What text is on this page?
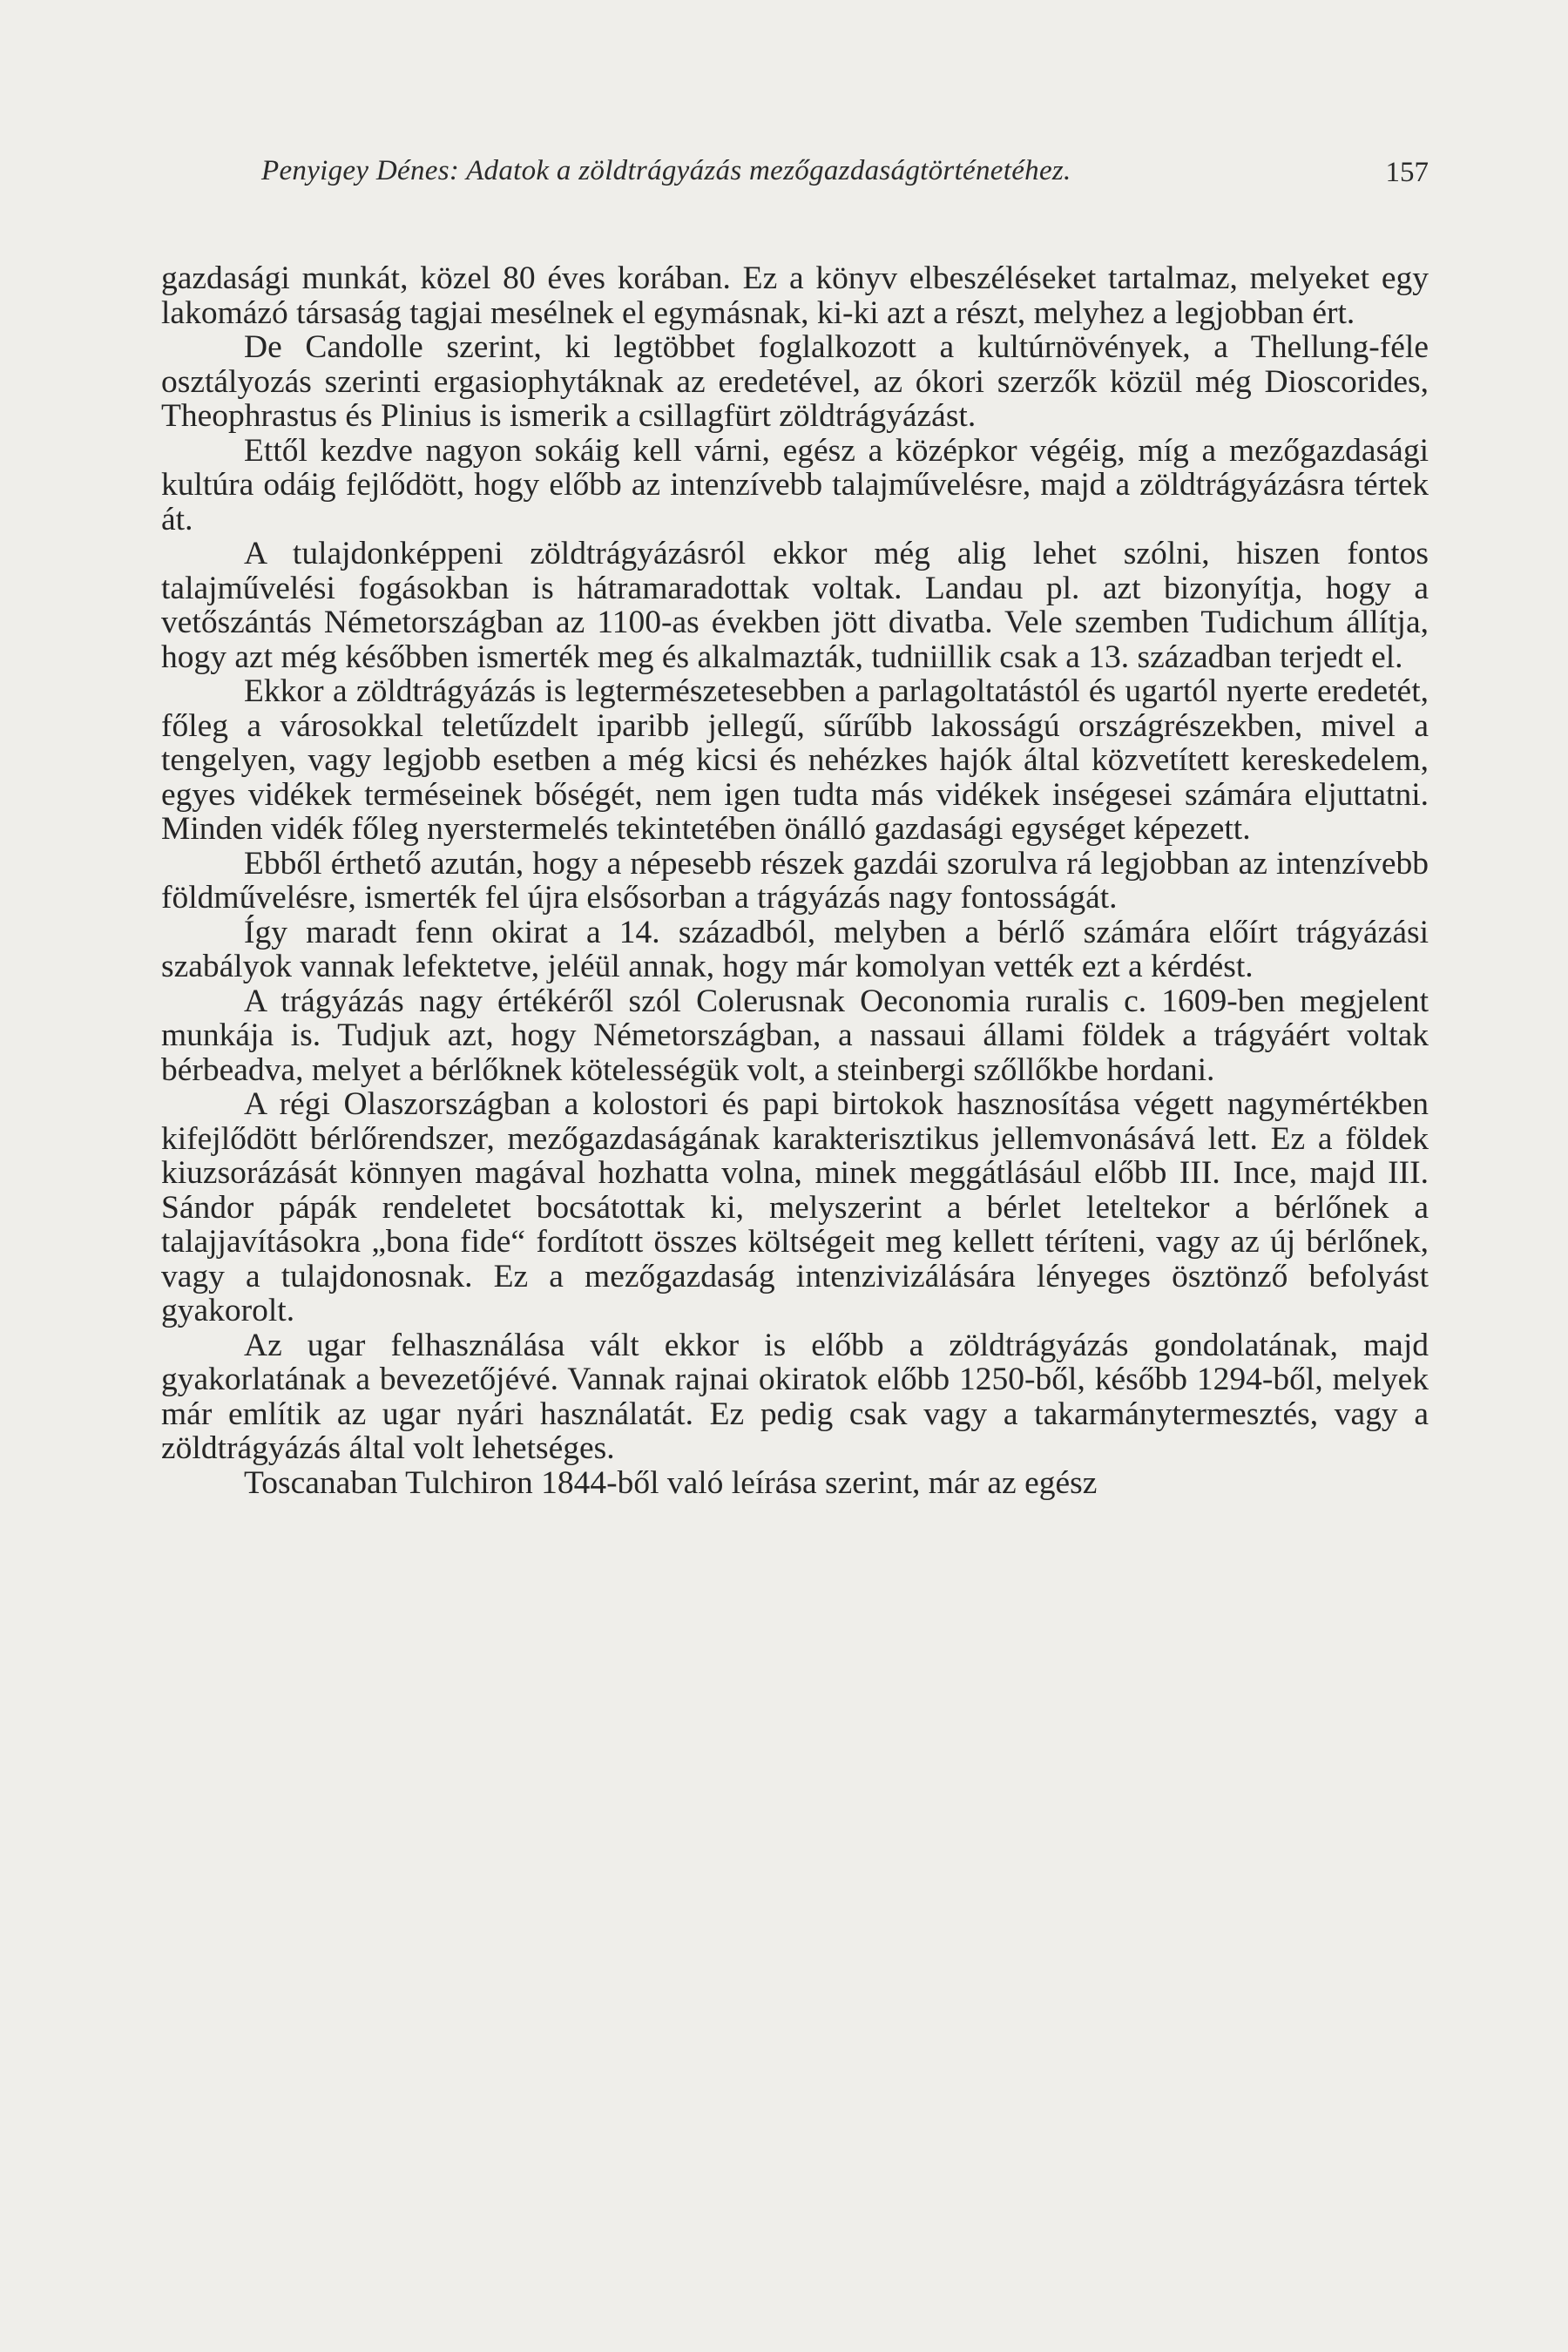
Penyigey Dénes: Adatok a zöldtrágyázás mezőgazdaságtörténetéhez.	157

gazdasági munkát, közel 80 éves korában. Ez a könyv elbeszéléseket tartalmaz, melyeket egy lakomázó társaság tagjai mesélnek el egymásnak, ki-ki azt a részt, melyhez a legjobban ért.

De Candolle szerint, ki legtöbbet foglalkozott a kultúrnövények, a Thellung-féle osztályozás szerinti ergasiophytáknak az eredetével, az ókori szerzők közül még Dioscorides, Theophrastus és Plinius is ismerik a csillagfürt zöldtrágyázást.

Ettől kezdve nagyon sokáig kell várni, egész a középkor végéig, míg a mezőgazdasági kultúra odáig fejlődött, hogy előbb az intenzívebb talajművelésre, majd a zöldtrágyázásra tértek át.

A tulajdonképpeni zöldtrágyázásról ekkor még alig lehet szólni, hiszen fontos talajművelési fogásokban is hátramaradottak voltak. Landau pl. azt bizonyítja, hogy a vetőszántás Németországban az 1100-as években jött divatba. Vele szemben Tudichum állítja, hogy azt még későbben ismerték meg és alkalmazták, tudniillik csak a 13. században terjedt el.

Ekkor a zöldtrágyázás is legtermészetesebben a parlagoltatástól és ugartól nyerte eredetét, főleg a városokkal teletűzdelt iparibb jellegű, sűrűbb lakosságú országrészekben, mivel a tengelyen, vagy legjobb esetben a még kicsi és nehézkes hajók által közvetített kereskedelem, egyes vidékek terméseinek bőségét, nem igen tudta más vidékek inségesei számára eljuttatni. Minden vidék főleg nyerstermelés tekintetében önálló gazdasági egységet képezett.

Ebből érthető azután, hogy a népesebb részek gazdái szorulva rá legjobban az intenzívebb földművelésre, ismerték fel újra elsősorban a trágyázás nagy fontosságát.

Így maradt fenn okirat a 14. századból, melyben a bérlő számára előírt trágyázási szabályok vannak lefektetve, jeléül annak, hogy már komolyan vették ezt a kérdést.

A trágyázás nagy értékéről szól Colerusnak Oeconomia ruralis c. 1609-ben megjelent munkája is. Tudjuk azt, hogy Németországban, a nassaui állami földek a trágyáért voltak bérbeadva, melyet a bérlőknek kötelességük volt, a steinbergi szőllőkbe hordani.

A régi Olaszországban a kolostori és papi birtokok hasznosítása végett nagymértékben kifejlődött bérlőrendszer, mezőgazdaságának karakterisztikus jellemvonásává lett. Ez a földek kiuzsorázását könnyen magával hozhatta volna, minek meggátlásául előbb III. Ince, majd III. Sándor pápák rendeletet bocsátottak ki, melyszerint a bérlet leteltekor a bérlőnek a talajjavításokra „bona fide“ fordított összes költségeit meg kellett téríteni, vagy az új bérlőnek, vagy a tulajdonosnak. Ez a mezőgazdaság intenzivizálására lényeges ösztönző befolyást gyakorolt.

Az ugar felhasználása vált ekkor is előbb a zöldtrágyázás gondolatának, majd gyakorlatának a bevezetőjévé. Vannak rajnai okiratok előbb 1250-ből, később 1294-ből, melyek már említik az ugar nyári használatát. Ez pedig csak vagy a takarmánytermesztés, vagy a zöldtrágyázás által volt lehetséges.

Toscanaban Tulchiron 1844-ből való leírása szerint, már az egész
